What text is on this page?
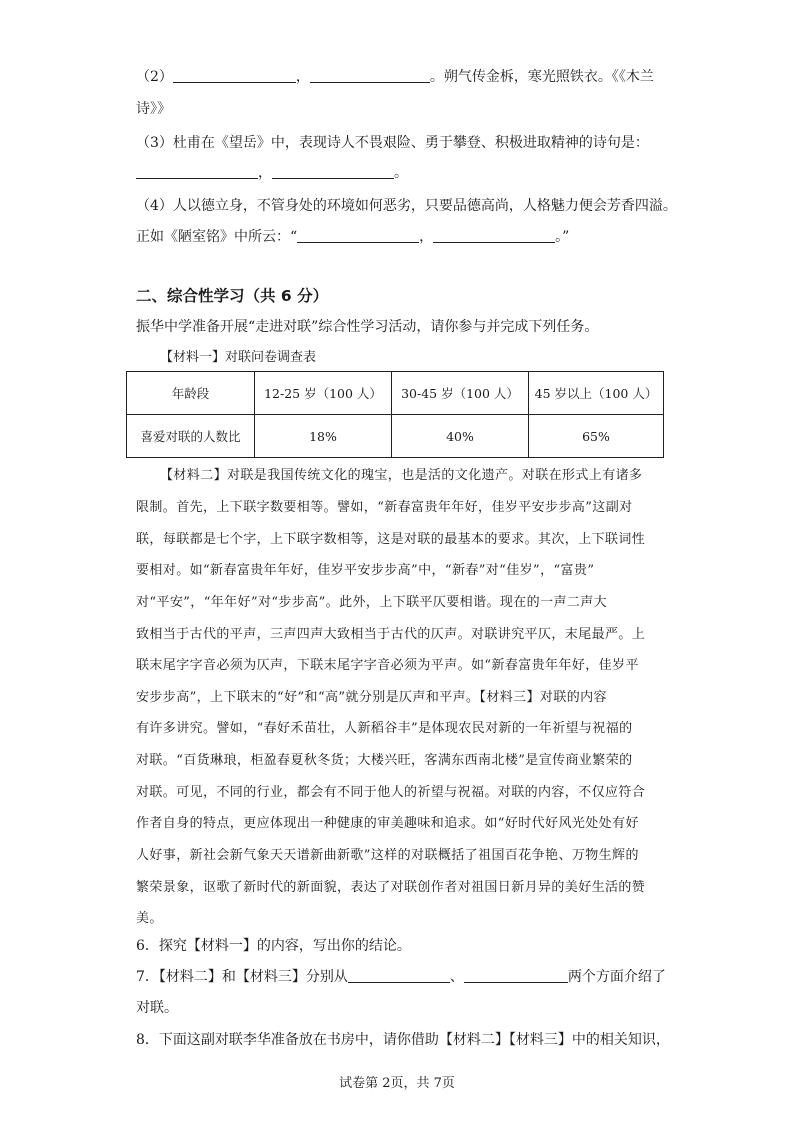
（2）	，	。朔气传金柝，寒光照铁衣。《《木兰
诗》》
（3）杜甫在《望岳》中，表现诗人不畏艰险、勇于攀登、积极进取精神的诗句是：
，	。
（4）人以德立身，不管身处的环境如何恶劣，只要品德高尚，人格魅力便会芳香四溢。
正如《陋室铭》中所云：“	，	。”
二、综合性学习（共 6 分）
振华中学准备开展“走进对联”综合性学习活动，请你参与并完成下列任务。
【材料一】对联问卷调查表
年龄段	12-25 岁（100 人）	30-45 岁（100 人）	45 岁以上（100 人）
喜爱对联的人数比	18%	40%	65%
【材料二】对联是我国传统文化的瑰宝，也是活的文化遗产。对联在形式上有诸多
限制。首先，上下联字数要相等。譬如，“新春富贵年年好，佳岁平安步步高”这副对
联，每联都是七个字，上下联字数相等，这是对联的最基本的要求。其次，上下联词性
要相对。如“新春富贵年年好，佳岁平安步步高”中，“新春”对“佳岁”，“富贵”
对“平安”，“年年好”对“步步高”。此外，上下联平仄要相谐。现在的一声二声大
致相当于古代的平声，三声四声大致相当于古代的仄声。对联讲究平仄，末尾最严。上
联末尾字字音必须为仄声，下联末尾字字音必须为平声。如“新春富贵年年好，佳岁平
安步步高”，上下联末的“好”和“高”就分别是仄声和平声。【材料三】对联的内容
有许多讲究。譬如，“春好禾苗壮，人新稻谷丰”是体现农民对新的一年祈望与祝福的
对联。“百货琳琅，柜盈春夏秋冬货；大楼兴旺，客满东西南北楼”是宣传商业繁荣的
对联。可见，不同的行业，都会有不同于他人的祈望与祝福。对联的内容，不仅应符合
作者自身的特点，更应体现出一种健康的审美趣味和追求。如“好时代好风光处处有好
人好事，新社会新气象天天谱新曲新歌”这样的对联概括了祖国百花争艳、万物生辉的
繁荣景象，讴歌了新时代的新面貌，表达了对联创作者对祖国日新月异的美好生活的赞
美。
6．探究【材料一】的内容，写出你的结论。
7．【材料二】和【材料三】分别从	、	两个方面介绍了
对联。
8．下面这副对联李华准备放在书房中，请你借助【材料二】【材料三】中的相关知识，
试卷第 2页，共 7页
